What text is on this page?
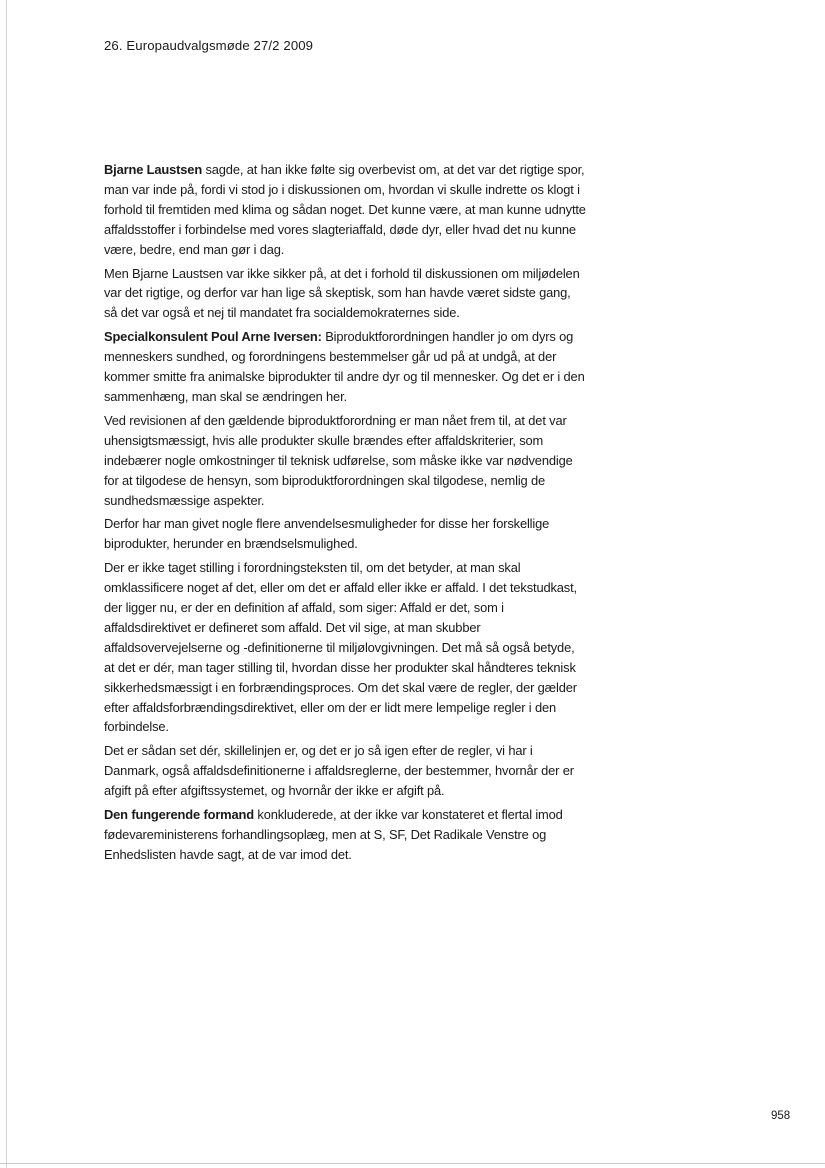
26. Europaudvalgsmøde 27/2 2009

Bjarne Laustsen sagde, at han ikke følte sig overbevist om, at det var det rigtige spor, man var inde på, fordi vi stod jo i diskussionen om, hvordan vi skulle indrette os klogt i forhold til fremtiden med klima og sådan noget. Det kunne være, at man kunne udnytte affaldsstoffer i forbindelse med vores slagteriaffald, døde dyr, eller hvad det nu kunne være, bedre, end man gør i dag.

Men Bjarne Laustsen var ikke sikker på, at det i forhold til diskussionen om miljødelen var det rigtige, og derfor var han lige så skeptisk, som han havde været sidste gang, så det var også et nej til mandatet fra socialdemokraternes side.

Specialkonsulent Poul Arne Iversen: Biproduktforordningen handler jo om dyrs og menneskers sundhed, og forordningens bestemmelser går ud på at undgå, at der kommer smitte fra animalske biprodukter til andre dyr og til mennesker. Og det er i den sammenhæng, man skal se ændringen her.

Ved revisionen af den gældende biproduktforordning er man nået frem til, at det var uhensigtsmæssigt, hvis alle produkter skulle brændes efter affaldskriterier, som indebærer nogle omkostninger til teknisk udførelse, som måske ikke var nødvendige for at tilgodese de hensyn, som biproduktforordningen skal tilgodese, nemlig de sundhedsmæssige aspekter.

Derfor har man givet nogle flere anvendelsesmuligheder for disse her forskellige biprodukter, herunder en brændselsmulighed.

Der er ikke taget stilling i forordningsteksten til, om det betyder, at man skal omklassificere noget af det, eller om det er affald eller ikke er affald. I det tekstudkast, der ligger nu, er der en definition af affald, som siger: Affald er det, som i affaldsdirektivet er defineret som affald. Det vil sige, at man skubber affaldsovervejelserne og -definitionerne til miljølovgivningen. Det må så også betyde, at det er dér, man tager stilling til, hvordan disse her produkter skal håndteres teknisk sikkerhedsmæssigt i en forbrændingsproces. Om det skal være de regler, der gælder efter affaldsforbrændingsdirektivet, eller om der er lidt mere lempelige regler i den forbindelse.

Det er sådan set dér, skillelinjen er, og det er jo så igen efter de regler, vi har i Danmark, også affaldsdefinitionerne i affaldsreglerne, der bestemmer, hvornår der er afgift på efter afgiftssystemet, og hvornår der ikke er afgift på.

Den fungerende formand konkluderede, at der ikke var konstateret et flertal imod fødevareministerens forhandlingsoplæg, men at S, SF, Det Radikale Venstre og Enhedslisten havde sagt, at de var imod det.

958
